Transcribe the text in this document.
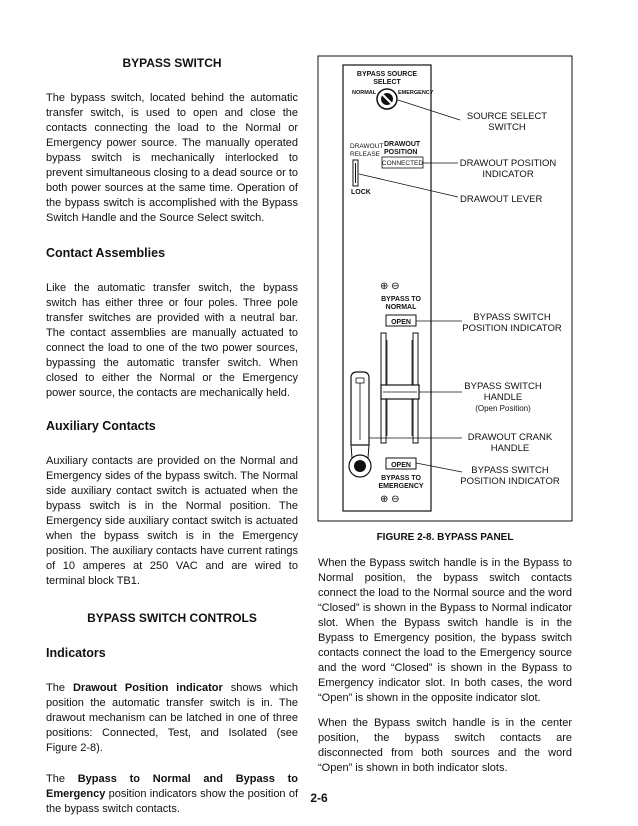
BYPASS SWITCH

The bypass switch, located behind the automatic transfer switch, is used to open and close the contacts connecting the load to the Normal or Emergency power source. The manually operated bypass switch is mechanically interlocked to prevent simultaneous closing to a dead source or to both power sources at the same time. Operation of the bypass switch is accomplished with the Bypass Switch Handle and the Source Select switch.

Contact Assemblies

Like the automatic transfer switch, the bypass switch has either three or four poles. Three pole transfer switches are provided with a neutral bar. The contact assemblies are manually actuated to connect the load to one of the two power sources, bypassing the automatic transfer switch. When closed to either the Normal or the Emergency power source, the contacts are mechanically held.

Auxiliary Contacts

Auxiliary contacts are provided on the Normal and Emergency sides of the bypass switch. The Normal side auxiliary contact switch is actuated when the bypass switch is in the Normal position. The Emergency side auxiliary contact switch is actuated when the bypass switch is in the Emergency position. The auxiliary contacts have current ratings of 10 amperes at 250 VAC and are wired to terminal block TB1.

BYPASS SWITCH CONTROLS
Indicators

The Drawout Position indicator shows which position the automatic transfer switch is in. The drawout mechanism can be latched in one of three positions: Connected, Test, and Isolated (see Figure 2-8).

The Bypass to Normal and Bypass to Emergency position indicators show the position of the bypass switch contacts.

BYPASS SOURCE
SELECT
NORMAL	EMERGENCY
DRAWOUT
RELEASE
DRAWOUT
POSITION
CONNECTED
LOCK
⊕ ⊖
BYPASS TO
NORMAL
OPEN
OPEN
BYPASS TO
EMERGENCY
⊕ ⊖
SOURCE SELECT
SWITCH
DRAWOUT POSITION
INDICATOR
DRAWOUT LEVER
BYPASS SWITCH
POSITION INDICATOR
BYPASS SWITCH
HANDLE
(Open Position)
DRAWOUT CRANK
HANDLE
BYPASS SWITCH
POSITION INDICATOR
FIGURE 2-8. BYPASS PANEL

When the Bypass switch handle is in the Bypass to Normal position, the bypass switch contacts connect the load to the Normal source and the word “Closed” is shown in the Bypass to Normal indicator slot. When the Bypass switch handle is in the Bypass to Emergency position, the bypass switch contacts connect the load to the Emergency source and the word “Closed” is shown in the Bypass to Emergency indicator slot. In both cases, the word “Open” is shown in the opposite indicator slot.

When the Bypass switch handle is in the center position, the bypass switch contacts are disconnected from both sources and the word “Open” is shown in both indicator slots.

2-6
